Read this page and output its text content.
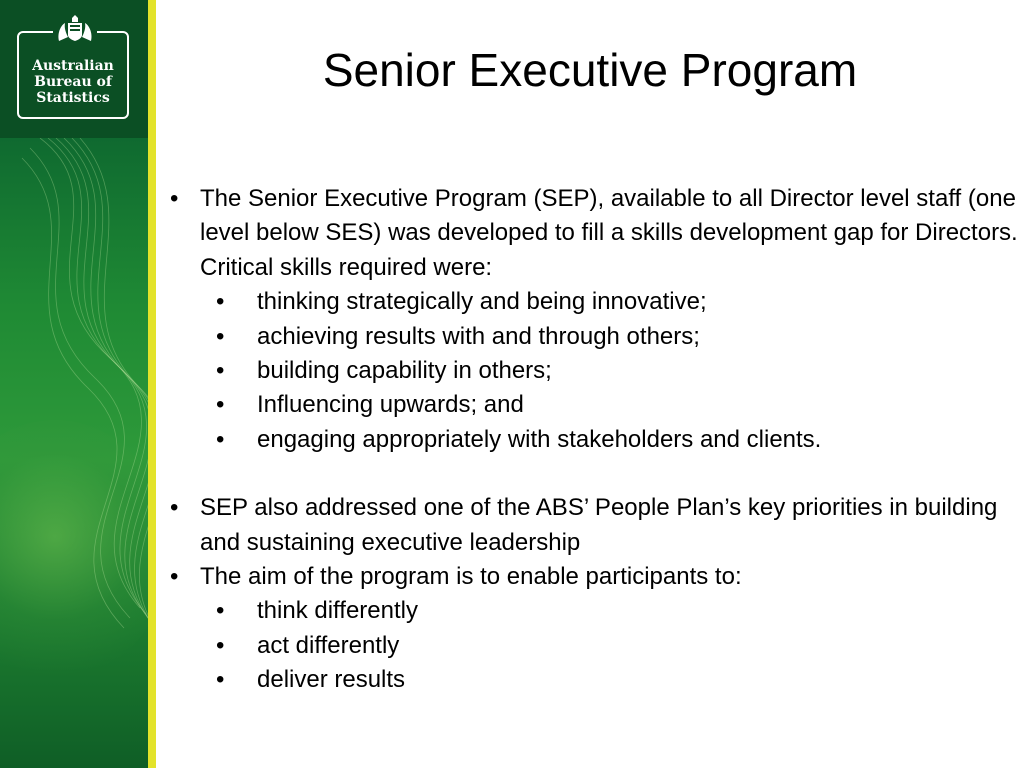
Australian
Bureau of
Statistics
Senior Executive Program
• The Senior Executive Program (SEP), available to all Director level staff (one level below SES) was developed to fill a skills development gap for Directors. Critical skills required were:
• thinking strategically and being innovative;
• achieving results with and through others;
• building capability in others;
• Influencing upwards; and
• engaging appropriately with stakeholders and clients.
• SEP also addressed one of the ABS’ People Plan’s key priorities in building and sustaining executive leadership
• The aim of the program is to enable participants to:
• think differently
• act differently
• deliver results
